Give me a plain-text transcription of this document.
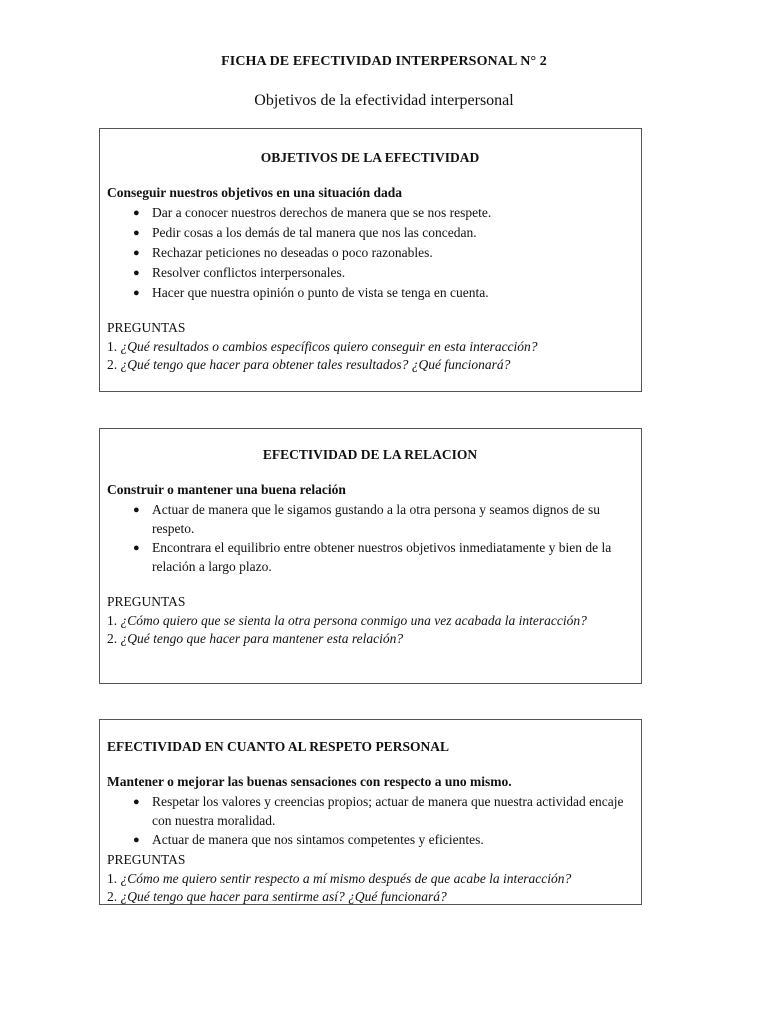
FICHA DE EFECTIVIDAD INTERPERSONAL N° 2
Objetivos de la efectividad interpersonal

OBJETIVOS DE LA EFECTIVIDAD

Conseguir nuestros objetivos en una situación dada

● Dar a conocer nuestros derechos de manera que se nos respete.
● Pedir cosas a los demás de tal manera que nos las concedan.
● Rechazar peticiones no deseadas o poco razonables.
● Resolver conflictos interpersonales.
● Hacer que nuestra opinión o punto de vista se tenga en cuenta.

PREGUNTAS

1. ¿Qué resultados o cambios específicos quiero conseguir en esta interacción?

2. ¿Qué tengo que hacer para obtener tales resultados? ¿Qué funcionará?

EFECTIVIDAD DE LA RELACION

Construir o mantener una buena relación

● Actuar de manera que le sigamos gustando a la otra persona y seamos dignos de su respeto.
● Encontrara el equilibrio entre obtener nuestros objetivos inmediatamente y bien de la relación a largo plazo.

PREGUNTAS

1. ¿Cómo quiero que se sienta la otra persona conmigo una vez acabada la interacción?

2. ¿Qué tengo que hacer para mantener esta relación?

EFECTIVIDAD EN CUANTO AL RESPETO PERSONAL

Mantener o mejorar las buenas sensaciones con respecto a uno mismo.

● Respetar los valores y creencias propios; actuar de manera que nuestra actividad encaje con nuestra moralidad.
● Actuar de manera que nos sintamos competentes y eficientes.

PREGUNTAS

1. ¿Cómo me quiero sentir respecto a mí mismo después de que acabe la interacción?

2. ¿Qué tengo que hacer para sentirme así? ¿Qué funcionará?
